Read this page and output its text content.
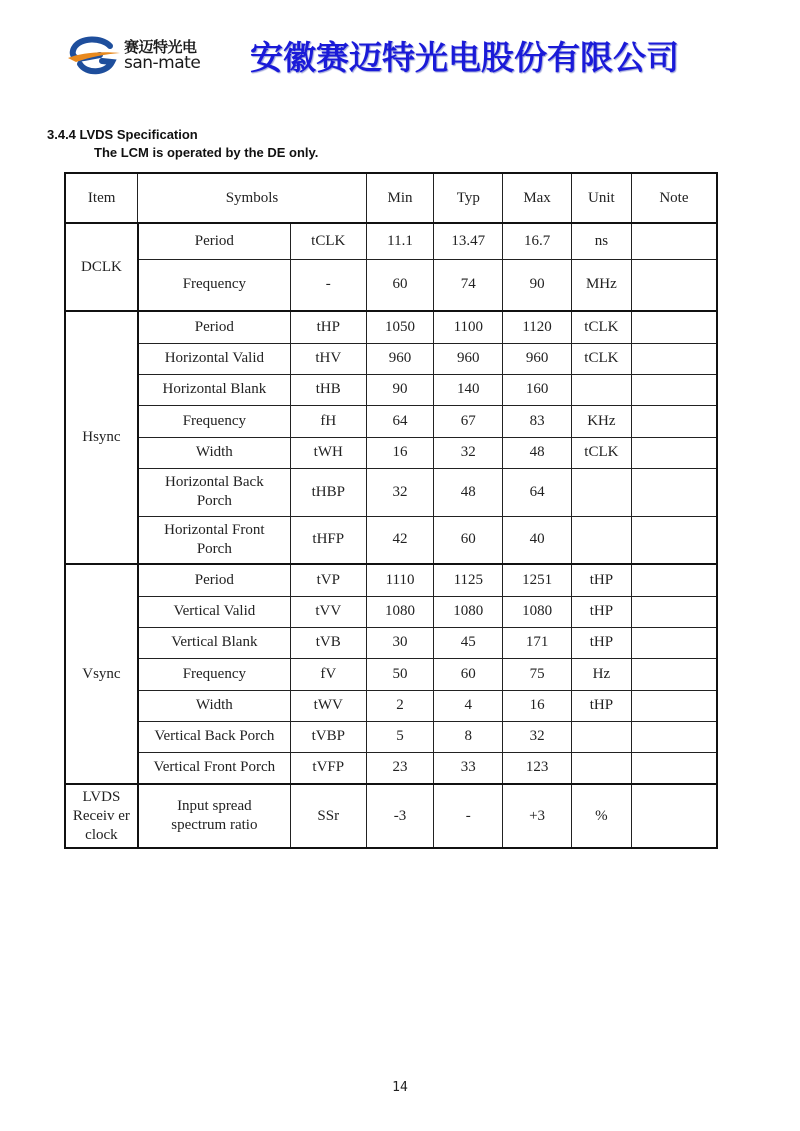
赛迈特光电
san-mate 安徽赛迈特光电股份有限公司
3.4.4 LVDS Specification
The LCM is operated by the DE only.
Item	Symbols		Min	Typ	Max	Unit	Note
DCLK	Period	tCLK	11.1	13.47	16.7	ns	
	Frequency	-	60	74	90	MHz	
Hsync	Period	tHP	1050	1100	1120	tCLK	
	Horizontal Valid	tHV	960	960	960	tCLK	
	Horizontal Blank	tHB	90	140	160		
	Frequency	fH	64	67	83	KHz	
	Width	tWH	16	32	48	tCLK	
	Horizontal Back Porch	tHBP	32	48	64		
	Horizontal Front Porch	tHFP	42	60	40		
Vsync	Period	tVP	1110	1125	1251	tHP	
	Vertical Valid	tVV	1080	1080	1080	tHP	
	Vertical Blank	tVB	30	45	171	tHP	
	Frequency	fV	50	60	75	Hz	
	Width	tWV	2	4	16	tHP	
	Vertical Back Porch	tVBP	5	8	32		
	Vertical Front Porch	tVFP	23	33	123		
LVDS Receiv er clock	Input spread spectrum ratio	SSr	-3	-	+3	%	
14
